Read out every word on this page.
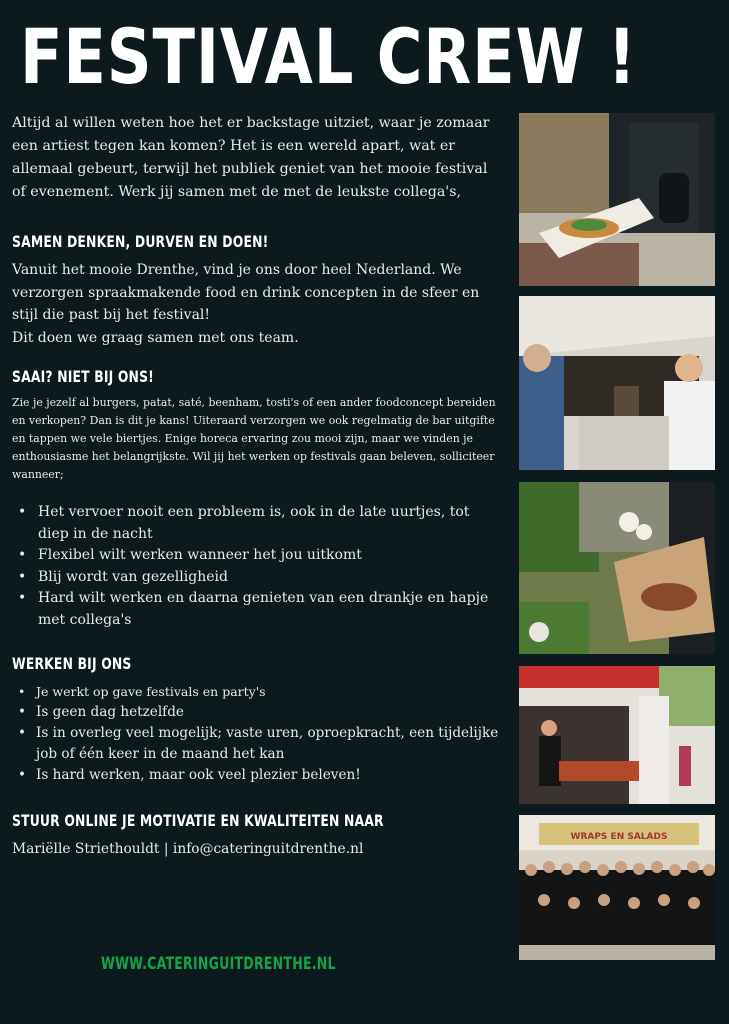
FESTIVAL CREW !

Altijd al willen weten hoe het er backstage uitziet, waar je zomaar een artiest tegen kan komen? Het is een wereld apart, wat er allemaal gebeurt, terwijl het publiek geniet van het mooie festival of evenement. Werk jij samen met de met de leukste collega's,

SAMEN DENKEN, DURVEN EN DOEN!

Vanuit het mooie Drenthe, vind je ons door heel Nederland. We verzorgen spraakmakende food en drink concepten in de sfeer en stijl die past bij het festival!

Dit doen we graag samen met ons team.

SAAI? NIET BIJ ONS!

Zie je jezelf al burgers, patat, saté, beenham, tosti's of een ander foodconcept bereiden en verkopen? Dan is dit je kans! Uiteraard verzorgen we ook regelmatig de bar uitgifte en tappen we vele biertjes. Enige horeca ervaring zou mooi zijn, maar we vinden je enthousiasme het belangrijkste. Wil jij het werken op festivals gaan beleven, solliciteer wanneer;

• Het vervoer nooit een probleem is, ook in de late uurtjes, tot diep in de nacht
• Flexibel wilt werken wanneer het jou uitkomt
• Blij wordt van gezelligheid
• Hard wilt werken en daarna genieten van een drankje en hapje met collega's
WERKEN BIJ ONS
• Je werkt op gave festivals en party's
• Is geen dag hetzelfde
• Is in overleg veel mogelijk; vaste uren, oproepkracht, een tijdelijke job of één keer in de maand het kan
• Is hard werken, maar ook veel plezier beleven!
STUUR ONLINE JE MOTIVATIE EN KWALITEITEN NAAR

Mariëlle Striethouldt | info@cateringuitdrenthe.nl

WWW.CATERINGUITDRENTHE.NL
WRAPS EN SALADS
